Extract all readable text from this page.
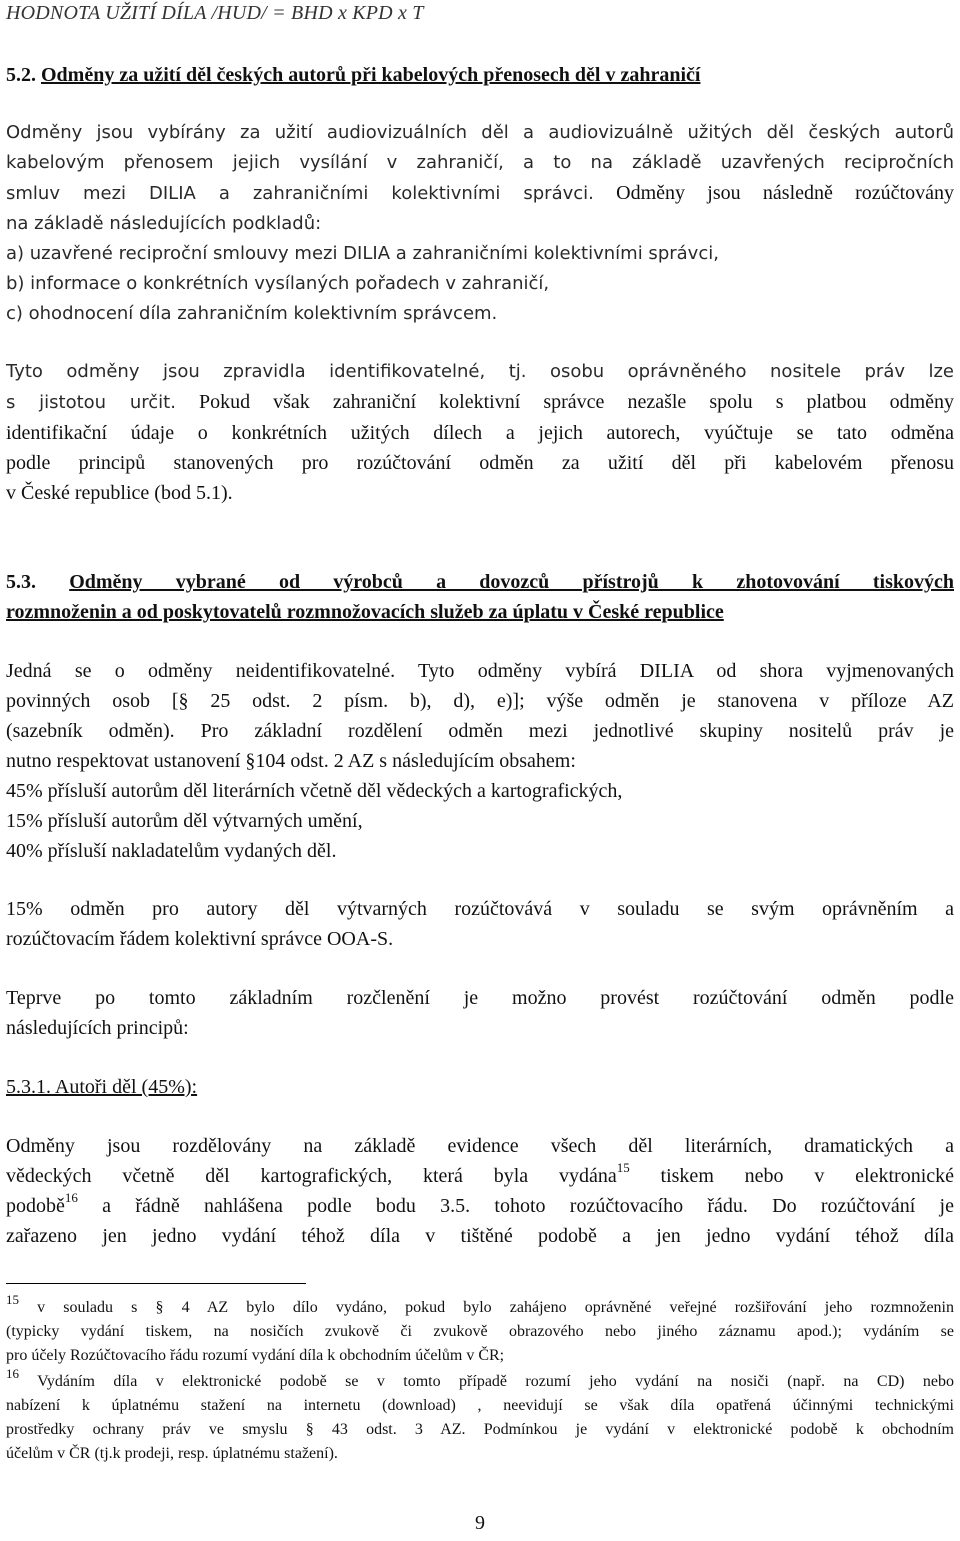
HODNOTA UŽITÍ DÍLA /HUD/ = BHD x KPD x T
5.2. Odměny za užití děl českých autorů při kabelových přenosech děl v zahraničí
Odměny jsou vybírány za užití audiovizuálních děl a audiovizuálně užitých děl českých autorů
kabelovým přenosem jejich vysílání v zahraničí, a to na základě uzavřených recipročních
smluv mezi DILIA a zahraničními kolektivními správci. Odměny jsou následně rozúčtovány
na základě následujících podkladů:
a) uzavřené reciproční smlouvy mezi DILIA a zahraničními kolektivními správci,
b) informace o konkrétních vysílaných pořadech v zahraničí,
c) ohodnocení díla zahraničním kolektivním správcem.
Tyto odměny jsou zpravidla identifikovatelné, tj. osobu oprávněného nositele práv lze
s jistotou určit. Pokud však zahraniční kolektivní správce nezašle spolu s platbou odměny
identifikační údaje o konkrétních užitých dílech a jejich autorech, vyúčtuje se tato odměna
podle principů stanovených pro rozúčtování odměn za užití děl při kabelovém přenosu
v České republice (bod 5.1).
5.3. Odměny vybrané od výrobců a dovozců přístrojů k zhotovování tiskových
rozmnoženin a od poskytovatelů rozmnožovacích služeb za úplatu v České republice
Jedná se o odměny neidentifikovatelné. Tyto odměny vybírá DILIA od shora vyjmenovaných
povinných osob [§ 25 odst. 2 písm. b), d), e)]; výše odměn je stanovena v příloze AZ
(sazebník odměn). Pro základní rozdělení odměn mezi jednotlivé skupiny nositelů práv je
nutno respektovat ustanovení §104 odst. 2 AZ s následujícím obsahem:
45% přísluší autorům děl literárních včetně děl vědeckých a kartografických,
15% přísluší autorům děl výtvarných umění,
40% přísluší nakladatelům vydaných děl.
15% odměn pro autory děl výtvarných rozúčtovává v souladu se svým oprávněním a
rozúčtovacím řádem kolektivní správce OOA-S.
Teprve po tomto základním rozčlenění je možno provést rozúčtování odměn podle
následujících principů:
5.3.1. Autoři děl (45%):
Odměny jsou rozdělovány na základě evidence všech děl literárních, dramatických a
vědeckých včetně děl kartografických, která byla vydána$^{15}$ tiskem nebo v elektronické
podobě$^{16}$ a řádně nahlášena podle bodu 3.5. tohoto rozúčtovacího řádu. Do rozúčtování je
zařazeno jen jedno vydání téhož díla v tištěné podobě a jen jedno vydání téhož díla
$^{15}$ v souladu s § 4 AZ bylo dílo vydáno, pokud bylo zahájeno oprávněné veřejné rozšiřování jeho rozmnoženin
(typicky vydání tiskem, na nosičích zvukově či zvukově obrazového nebo jiného záznamu apod.); vydáním se
pro účely Rozúčtovacího řádu rozumí vydání díla k obchodním účelům v ČR;
$^{16}$ Vydáním díla v elektronické podobě se v tomto případě rozumí jeho vydání na nosiči (např. na CD) nebo
nabízení k úplatnému stažení na internetu (download) , neevidují se však díla opatřená účinnými technickými
prostředky ochrany práv ve smyslu § 43 odst. 3 AZ. Podmínkou je vydání v elektronické podobě k obchodním
účelům v ČR (tj.k prodeji, resp. úplatnému stažení).
9
